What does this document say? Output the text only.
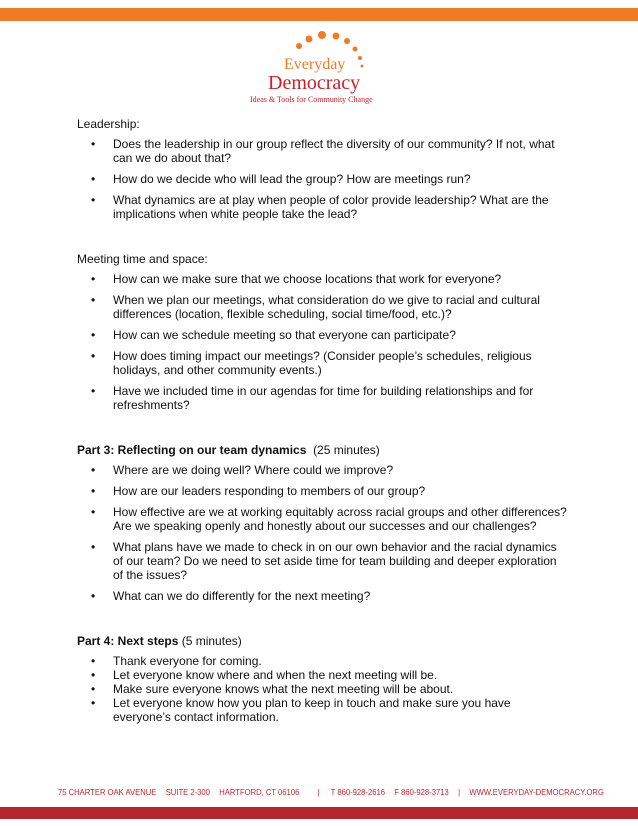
Everyday
Democracy
Ideas & Tools for Community Change

Leadership:

• Does the leadership in our group reflect the diversity of our community? If not, what can we do about that?
• How do we decide who will lead the group? How are meetings run?
• What dynamics are at play when people of color provide leadership? What are the implications when white people take the lead?

Meeting time and space:

• How can we make sure that we choose locations that work for everyone?
• When we plan our meetings, what consideration do we give to racial and cultural differences (location, flexible scheduling, social time/food, etc.)?
• How can we schedule meeting so that everyone can participate?
• How does timing impact our meetings? (Consider people’s schedules, religious holidays, and other community events.)
• Have we included time in our agendas for time for building relationships and for refreshments?

Part 3: Reflecting on our team dynamics (25 minutes)

• Where are we doing well? Where could we improve?
• How are our leaders responding to members of our group?
• How effective are we at working equitably across racial groups and other differences? Are we speaking openly and honestly about our successes and our challenges?
• What plans have we made to check in on our own behavior and the racial dynamics of our team? Do we need to set aside time for team building and deeper exploration of the issues?
• What can we do differently for the next meeting?

Part 4: Next steps (5 minutes)

• Thank everyone for coming.
• Let everyone know where and when the next meeting will be.
• Make sure everyone knows what the next meeting will be about.
• Let everyone know how you plan to keep in touch and make sure you have everyone’s contact information.
75 CHARTER OAK AVENUE SUITE 2-300 HARTFORD, CT 06106 | T 860-928-2616 F 860-928-3713 | WWW.EVERYDAY-DEMOCRACY.ORG
